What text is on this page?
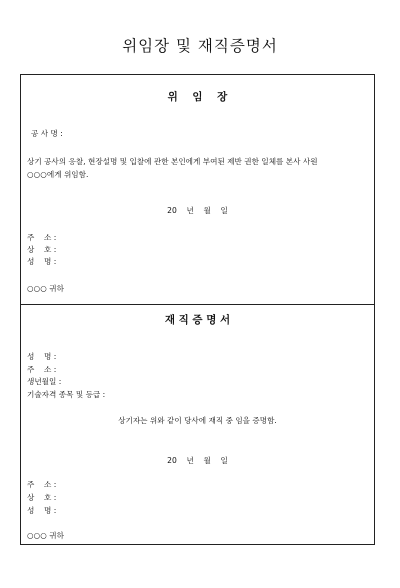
위임장 및 재직증명서
위    임    장
공 사 명 :
상기 공사의 응찰, 현장설명 및 입찰에 관한 본인에게 부여된 제반 권한 일체를 본사 사원
○○○에게 위임함.
20    년    월    일
주    소 :
상    호 :
성    명 :
○○○ 귀하
재 직 증 명 서
성    명 :
주    소 :
생년월일 :
기술자격 종목 및 등급 :
상기자는 위와 같이 당사에 재직 중 임을 증명함.
20    년    월    일
주    소 :
상    호 :
성    명 :
○○○ 귀하
